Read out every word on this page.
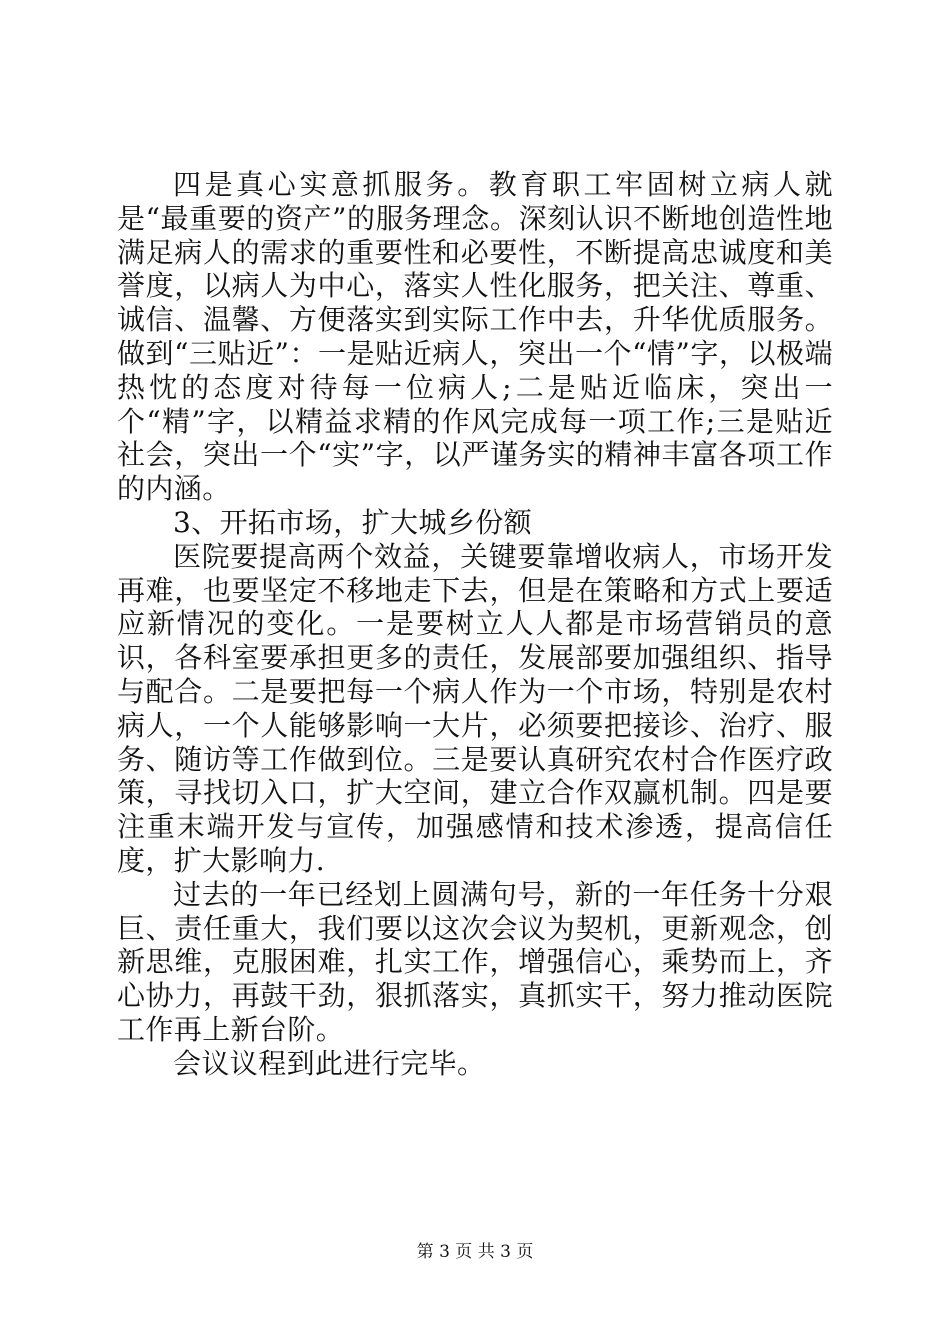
四是真心实意抓服务。教育职工牢固树立病人就是“最重要的资产”的服务理念。深刻认识不断地创造性地满足病人的需求的重要性和必要性，不断提高忠诚度和美誉度，以病人为中心，落实人性化服务，把关注、尊重、诚信、温馨、方便落实到实际工作中去，升华优质服务。做到“三贴近”：一是贴近病人，突出一个“情”字，以极端热忱的态度对待每一位病人;二是贴近临床，突出一个“精”字，以精益求精的作风完成每一项工作;三是贴近社会，突出一个“实”字，以严谨务实的精神丰富各项工作的内涵。

3、开拓市场，扩大城乡份额

医院要提高两个效益，关键要靠增收病人，市场开发再难，也要坚定不移地走下去，但是在策略和方式上要适应新情况的变化。一是要树立人人都是市场营销员的意识，各科室要承担更多的责任，发展部要加强组织、指导与配合。二是要把每一个病人作为一个市场，特别是农村病人，一个人能够影响一大片，必须要把接诊、治疗、服务、随访等工作做到位。三是要认真研究农村合作医疗政策，寻找切入口，扩大空间，建立合作双赢机制。四是要注重末端开发与宣传，加强感情和技术渗透，提高信任度，扩大影响力.

过去的一年已经划上圆满句号，新的一年任务十分艰巨、责任重大，我们要以这次会议为契机，更新观念，创新思维，克服困难，扎实工作，增强信心，乘势而上，齐心协力，再鼓干劲，狠抓落实，真抓实干，努力推动医院工作再上新台阶。

会议议程到此进行完毕。

第 3 页 共 3 页
